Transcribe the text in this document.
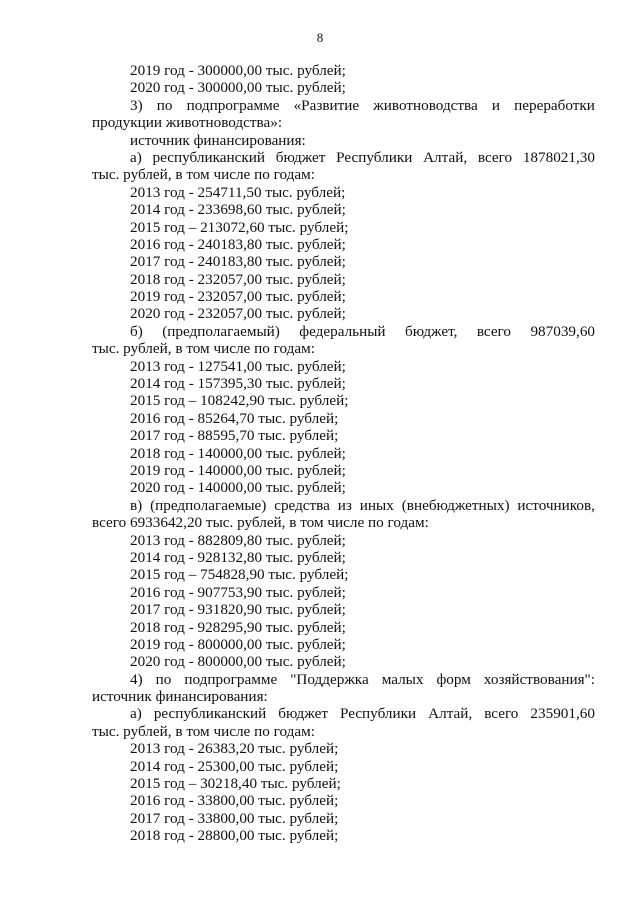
8
2019 год - 300000,00 тыс. рублей;
2020 год - 300000,00 тыс. рублей;
3) по подпрограмме «Развитие животноводства и переработки
продукции животноводства»:
источник финансирования:
а) республиканский бюджет Республики Алтай, всего 1878021,30
тыс. рублей, в том числе по годам:
2013 год - 254711,50 тыс. рублей;
2014 год - 233698,60 тыс. рублей;
2015 год – 213072,60 тыс. рублей;
2016 год - 240183,80 тыс. рублей;
2017 год - 240183,80 тыс. рублей;
2018 год - 232057,00 тыс. рублей;
2019 год - 232057,00 тыс. рублей;
2020 год - 232057,00 тыс. рублей;
б) (предполагаемый) федеральный бюджет, всего 987039,60
тыс. рублей, в том числе по годам:
2013 год - 127541,00 тыс. рублей;
2014 год - 157395,30 тыс. рублей;
2015 год – 108242,90 тыс. рублей;
2016 год - 85264,70 тыс. рублей;
2017 год - 88595,70 тыс. рублей;
2018 год - 140000,00 тыс. рублей;
2019 год - 140000,00 тыс. рублей;
2020 год - 140000,00 тыс. рублей;
в) (предполагаемые) средства из иных (внебюджетных) источников,
всего 6933642,20 тыс. рублей, в том числе по годам:
2013 год - 882809,80 тыс. рублей;
2014 год - 928132,80 тыс. рублей;
2015 год – 754828,90 тыс. рублей;
2016 год - 907753,90 тыс. рублей;
2017 год - 931820,90 тыс. рублей;
2018 год - 928295,90 тыс. рублей;
2019 год - 800000,00 тыс. рублей;
2020 год - 800000,00 тыс. рублей;
4) по подпрограмме "Поддержка малых форм хозяйствования":
источник финансирования:
а) республиканский бюджет Республики Алтай, всего 235901,60
тыс. рублей, в том числе по годам:
2013 год - 26383,20 тыс. рублей;
2014 год - 25300,00 тыс. рублей;
2015 год – 30218,40 тыс. рублей;
2016 год - 33800,00 тыс. рублей;
2017 год - 33800,00 тыс. рублей;
2018 год - 28800,00 тыс. рублей;
